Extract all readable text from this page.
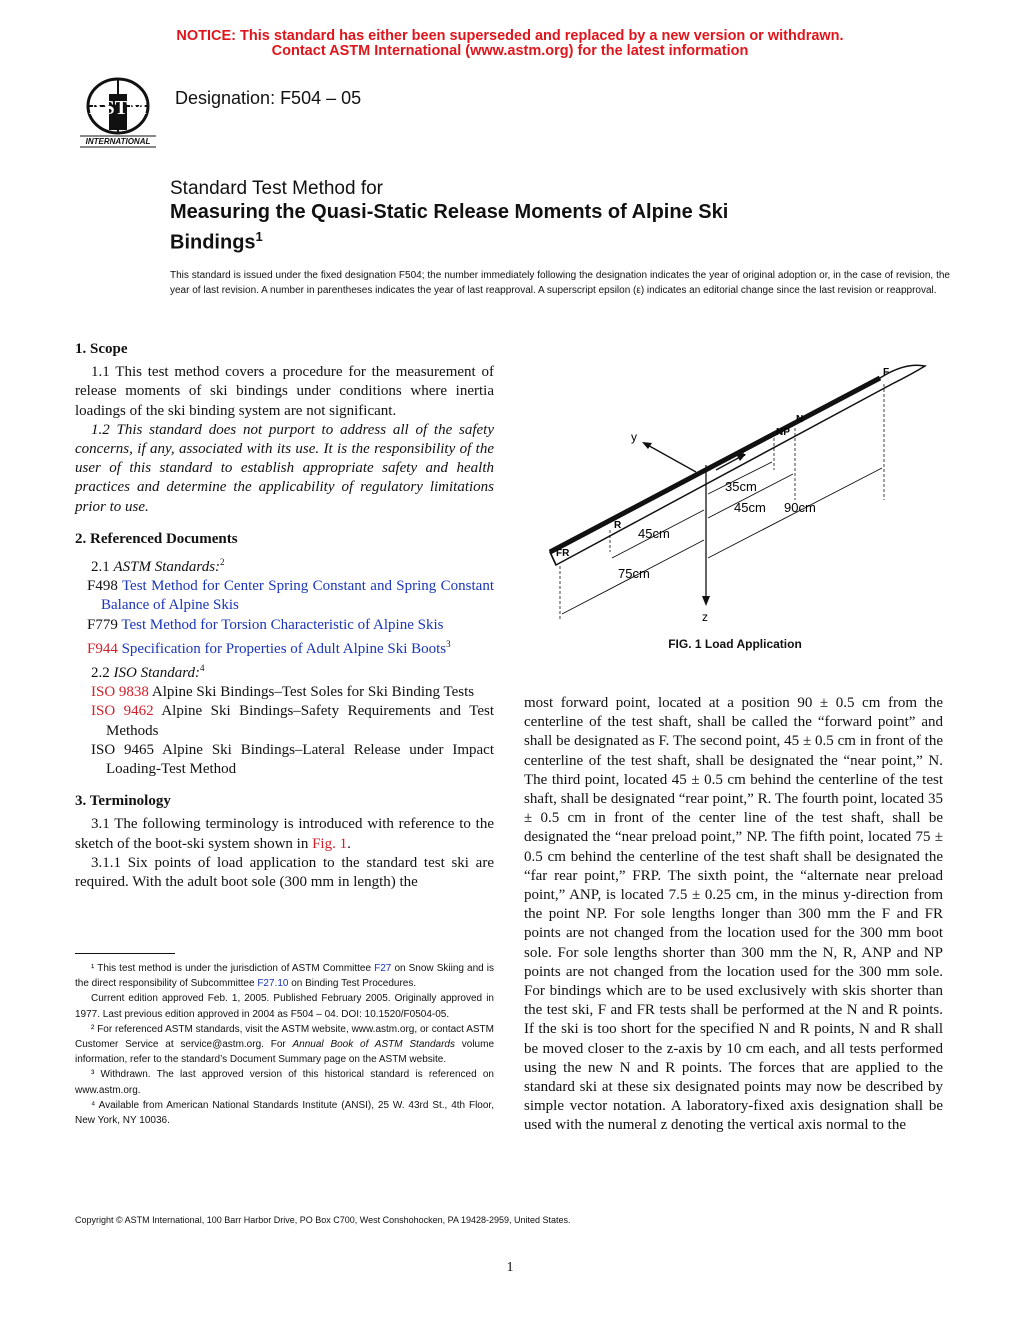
NOTICE: This standard has either been superseded and replaced by a new version or withdrawn.
Contact ASTM International (www.astm.org) for the latest information
ASTM
INTERNATIONAL
Designation: F504 – 05
Standard Test Method for
Measuring the Quasi-Static Release Moments of Alpine Ski
Bindings$^1$
This standard is issued under the fixed designation F504; the number immediately following the designation indicates the year of original adoption or, in the case of revision, the year of last revision. A number in parentheses indicates the year of last reapproval. A superscript epsilon (ε) indicates an editorial change since the last revision or reapproval.

1. Scope

1.1 This test method covers a procedure for the measurement of release moments of ski bindings under conditions where inertia loadings of the ski binding system are not significant.

1.2 This standard does not purport to address all of the safety concerns, if any, associated with its use. It is the responsibility of the user of this standard to establish appropriate safety and health practices and determine the applicability of regulatory limitations prior to use.

2. Referenced Documents

2.1 ASTM Standards:$^2$

F498 Test Method for Center Spring Constant and Spring Constant Balance of Alpine Skis

F779 Test Method for Torsion Characteristic of Alpine Skis

F944 Specification for Properties of Adult Alpine Ski Boots$^3$

2.2 ISO Standard:$^4$

ISO 9838 Alpine Ski Bindings–Test Soles for Ski Binding Tests

ISO 9462 Alpine Ski Bindings–Safety Requirements and Test Methods

ISO 9465 Alpine Ski Bindings–Lateral Release under Impact Loading-Test Method

3. Terminology

3.1 The following terminology is introduced with reference to the sketch of the boot-ski system shown in Fig. 1.

3.1.1 Six points of load application to the standard test ski are required. With the adult boot sole (300 mm in length) the

¹ This test method is under the jurisdiction of ASTM Committee F27 on Snow Skiing and is the direct responsibility of Subcommittee F27.10 on Binding Test Procedures.

Current edition approved Feb. 1, 2005. Published February 2005. Originally approved in 1977. Last previous edition approved in 2004 as F504 – 04. DOI: 10.1520/F0504-05.

² For referenced ASTM standards, visit the ASTM website, www.astm.org, or contact ASTM Customer Service at service@astm.org. For Annual Book of ASTM Standards volume information, refer to the standard’s Document Summary page on the ASTM website.

³ Withdrawn. The last approved version of this historical standard is referenced on www.astm.org.

⁴ Available from American National Standards Institute (ANSI), 25 W. 43rd St., 4th Floor, New York, NY 10036.

z
y
x
F
N
NP
R
FR
35cm
45cm 90cm
45cm
75cm
FIG. 1 Load Application

most forward point, located at a position 90 ± 0.5 cm from the centerline of the test shaft, shall be called the “forward point” and shall be designated as F. The second point, 45 ± 0.5 cm in front of the centerline of the test shaft, shall be designated the “near point,” N. The third point, located 45 ± 0.5 cm behind the centerline of the test shaft, shall be designated “rear point,” R. The fourth point, located 35 ± 0.5 cm in front of the center line of the test shaft, shall be designated the “near preload point,” NP. The fifth point, located 75 ± 0.5 cm behind the centerline of the test shaft shall be designated the “far rear point,” FRP. The sixth point, the “alternate near preload point,” ANP, is located 7.5 ± 0.25 cm, in the minus y-direction from the point NP. For sole lengths longer than 300 mm the F and FR points are not changed from the location used for the 300 mm boot sole. For sole lengths shorter than 300 mm the N, R, ANP and NP points are not changed from the location used for the 300 mm sole. For bindings which are to be used exclusively with skis shorter than the test ski, F and FR tests shall be performed at the N and R points. If the ski is too short for the specified N and R points, N and R shall be moved closer to the z-axis by 10 cm each, and all tests performed using the new N and R points. The forces that are applied to the standard ski at these six designated points may now be described by simple vector notation. A laboratory-fixed axis designation shall be used with the numeral z denoting the vertical axis normal to the

Copyright © ASTM International, 100 Barr Harbor Drive, PO Box C700, West Conshohocken, PA 19428-2959, United States.
1
